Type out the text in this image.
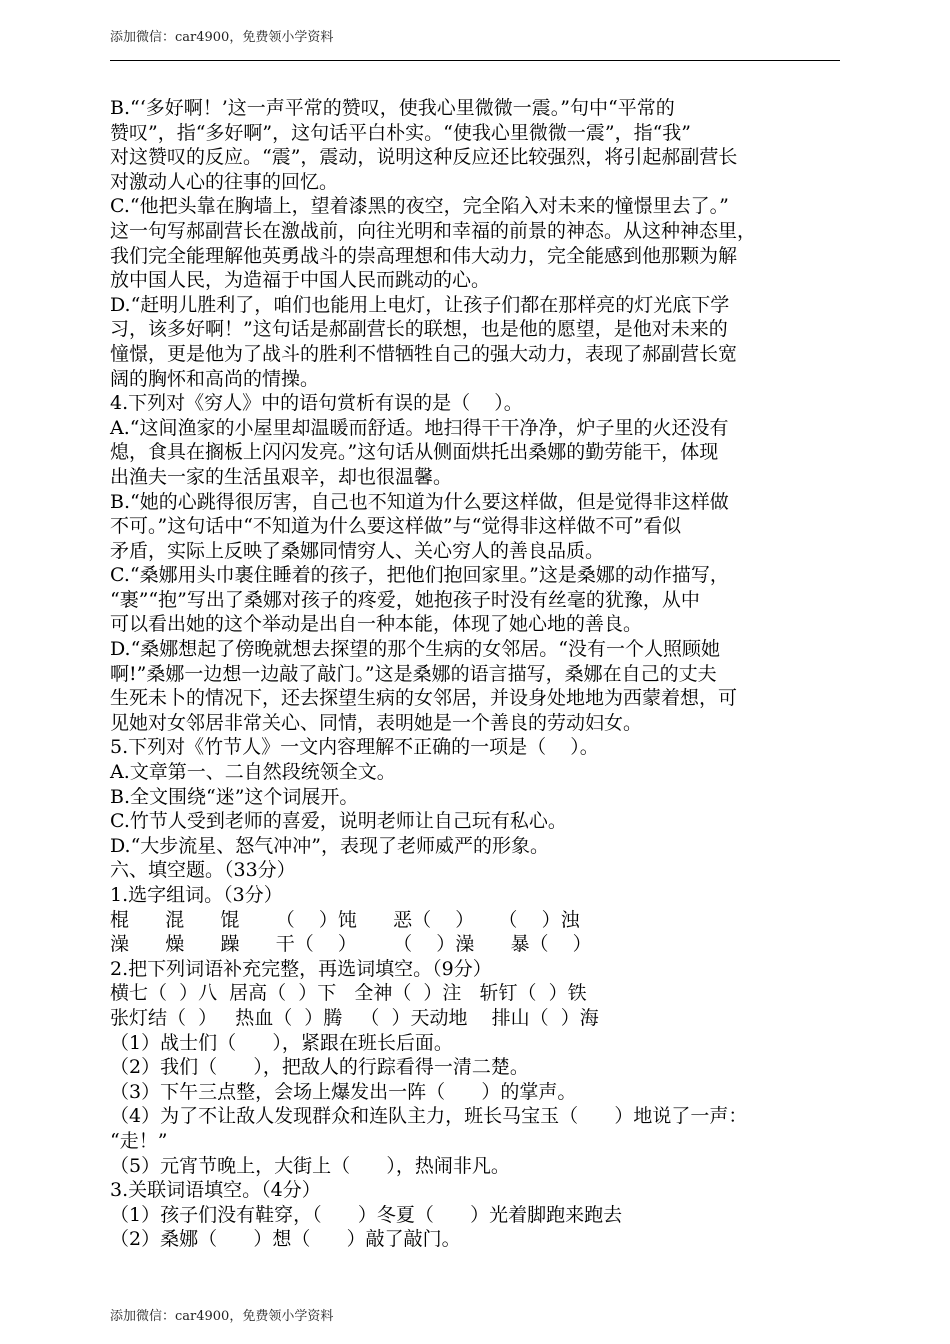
添加微信：car4900，免费领小学资料

B.“‘多好啊！’这一声平常的赞叹，使我心里微微一震。”句中“平常的

赞叹”，指“多好啊”，这句话平白朴实。“使我心里微微一震”，指“我”

对这赞叹的反应。“震”，震动，说明这种反应还比较强烈，将引起郝副营长

对激动人心的往事的回忆。

C.“他把头靠在胸墙上，望着漆黑的夜空，完全陷入对未来的憧憬里去了。”

这一句写郝副营长在激战前，向往光明和幸福的前景的神态。从这种神态里，

我们完全能理解他英勇战斗的崇高理想和伟大动力，完全能感到他那颗为解

放中国人民，为造福于中国人民而跳动的心。

D.“赶明儿胜利了，咱们也能用上电灯，让孩子们都在那样亮的灯光底下学

习，该多好啊！”这句话是郝副营长的联想，也是他的愿望，是他对未来的

憧憬，更是他为了战斗的胜利不惜牺牲自己的强大动力，表现了郝副营长宽

阔的胸怀和高尚的情操。

4.下列对《穷人》中的语句赏析有误的是（    ）。

A.“这间渔家的小屋里却温暖而舒适。地扫得干干净净，炉子里的火还没有

熄，食具在搁板上闪闪发亮。”这句话从侧面烘托出桑娜的勤劳能干，体现

出渔夫一家的生活虽艰辛，却也很温馨。

B.“她的心跳得很厉害，自己也不知道为什么要这样做，但是觉得非这样做

不可。”这句话中“不知道为什么要这样做”与“觉得非这样做不可”看似

矛盾，实际上反映了桑娜同情穷人、关心穷人的善良品质。

C.“桑娜用头巾裹住睡着的孩子，把他们抱回家里。”这是桑娜的动作描写，

“裹”“抱”写出了桑娜对孩子的疼爱，她抱孩子时没有丝毫的犹豫，从中

可以看出她的这个举动是出自一种本能，体现了她心地的善良。

D.“桑娜想起了傍晚就想去探望的那个生病的女邻居。“没有一个人照顾她

啊!”桑娜一边想一边敲了敲门。”这是桑娜的语言描写，桑娜在自己的丈夫

生死未卜的情况下，还去探望生病的女邻居，并设身处地地为西蒙着想，可

见她对女邻居非常关心、同情，表明她是一个善良的劳动妇女。

5.下列对《竹节人》一文内容理解不正确的一项是（    ）。

A.文章第一、二自然段统领全文。

B.全文围绕“迷”这个词展开。

C.竹节人受到老师的喜爱，说明老师让自己玩有私心。

D.“大步流星、怒气冲冲”，表现了老师威严的形象。

六、填空题。（33分）

1.选字组词。（3分）

棍      混      馄      （    ）饨      恶（    ）    （    ）浊

澡      燥      躁      干（    ）      （    ）澡      暴（    ）

2.把下列词语补充完整，再选词填空。（9分）

横七（  ）八  居高（  ）下   全神（  ）注   斩钉（  ）铁

张灯结（  ）   热血（  ）腾   （  ）天动地    排山（  ）海

（1）战士们（      ），紧跟在班长后面。

（2）我们（      ），把敌人的行踪看得一清二楚。

（3）下午三点整，会场上爆发出一阵（      ）的掌声。

（4）为了不让敌人发现群众和连队主力，班长马宝玉（      ）地说了一声：

“走！”

（5）元宵节晚上，大街上（      ），热闹非凡。

3.关联词语填空。（4分）

（1）孩子们没有鞋穿，（      ）冬夏（      ）光着脚跑来跑去

（2）桑娜（      ）想（      ）敲了敲门。

添加微信：car4900，免费领小学资料
